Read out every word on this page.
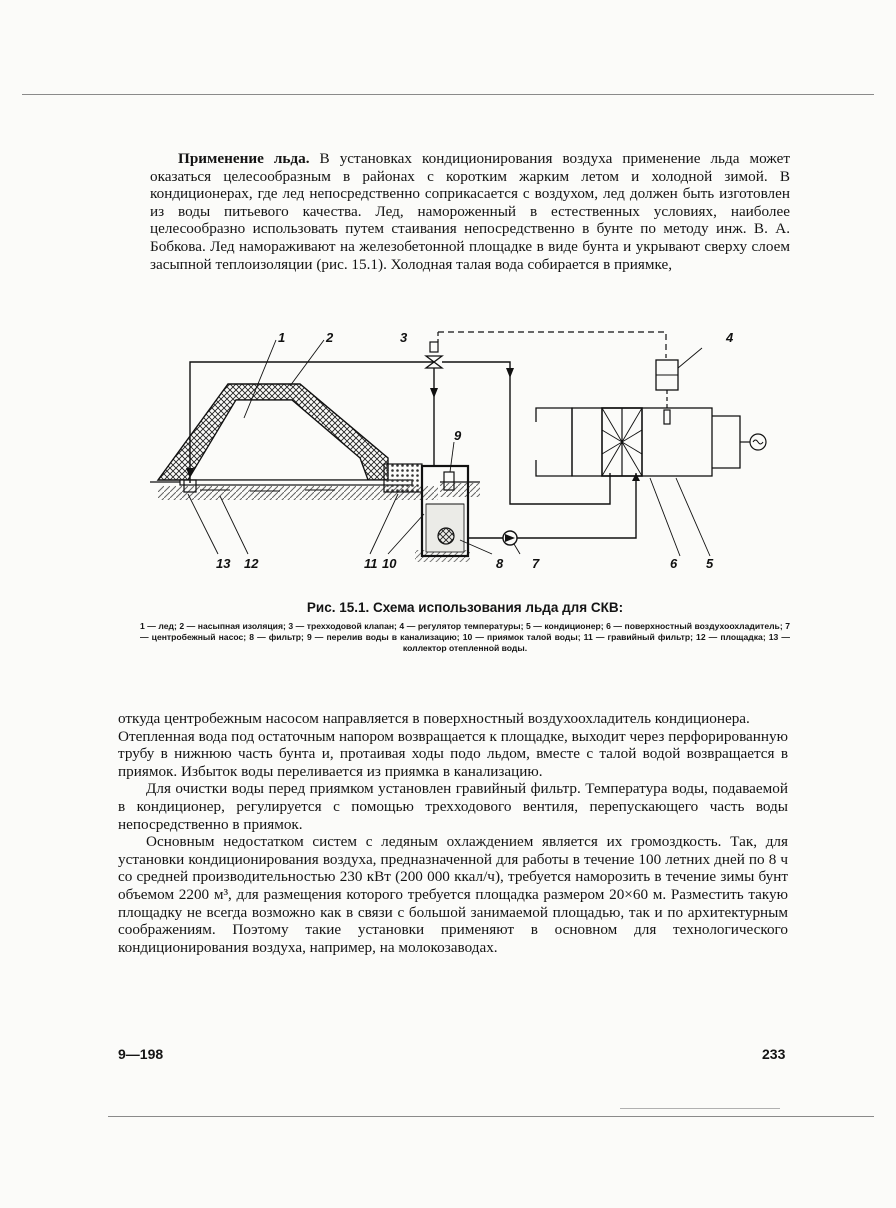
Применение льда. В установках кондиционирования воздуха применение льда может оказаться целесообразным в районах с коротким жарким летом и холодной зимой. В кондиционерах, где лед непосредственно соприкасается с воздухом, лед должен быть изготовлен из воды питьевого качества. Лед, намороженный в естественных условиях, наиболее целесообразно использовать путем стаивания непосредственно в бунте по методу инж. В. А. Бобкова. Лед намораживают на железобетонной площадке в виде бунта и укрывают сверху слоем засыпной теплоизоляции (рис. 15.1). Холодная талая вода собирается в приямке,

1	2	3	4
5
6
7
8
9
10
11
12
13
Рис. 15.1. Схема использования льда для СКВ:
1 — лед; 2 — насыпная изоляция; 3 — трехходовой клапан; 4 — регулятор температуры; 5 — кондиционер; 6 — поверхностный воздухоохладитель; 7 — центробежный насос; 8 — фильтр; 9 — перелив воды в канализацию; 10 — приямок талой воды; 11 — гравийный фильтр; 12 — площадка; 13 — коллектор отепленной воды.

откуда центробежным насосом направляется в поверхностный воздухоохладитель кондиционера.

Отепленная вода под остаточным напором возвращается к площадке, выходит через перфорированную трубу в нижнюю часть бунта и, протаивая ходы подо льдом, вместе с талой водой возвращается в приямок. Избыток воды переливается из приямка в канализацию.

Для очистки воды перед приямком установлен гравийный фильтр. Температура воды, подаваемой в кондиционер, регулируется с помощью трехходового вентиля, перепускающего часть воды непосредственно в приямок.

Основным недостатком систем с ледяным охлаждением является их громоздкость. Так, для установки кондиционирования воздуха, предназначенной для работы в течение 100 летних дней по 8 ч со средней производительностью 230 кВт (200 000 ккал/ч), требуется наморозить в течение зимы бунт объемом 2200 м³, для размещения которого требуется площадка размером 20×60 м. Разместить такую площадку не всегда возможно как в связи с большой занимаемой площадью, так и по архитектурным соображениям. Поэтому такие установки применяют в основном для технологического кондиционирования воздуха, например, на молокозаводах.

9—198	233
